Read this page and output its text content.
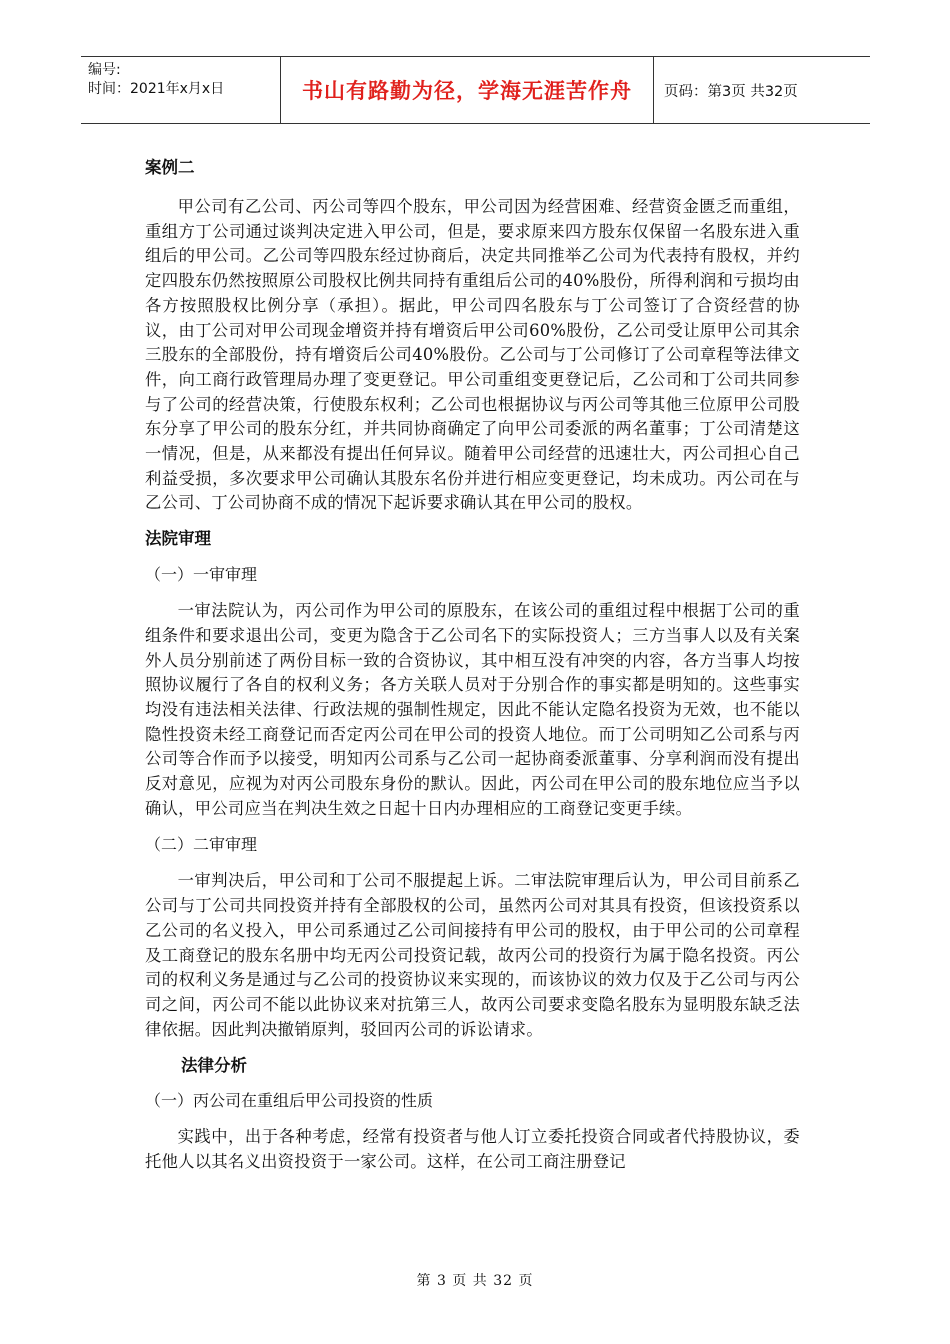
编号:
时间：2021年x月x日	书山有路勤为径，学海无涯苦作舟 页码：第3页 共32页
案例二

甲公司有乙公司、丙公司等四个股东，甲公司因为经营困难、经营资金匮乏而重组，重组方丁公司通过谈判决定进入甲公司，但是，要求原来四方股东仅保留一名股东进入重组后的甲公司。乙公司等四股东经过协商后，决定共同推举乙公司为代表持有股权，并约定四股东仍然按照原公司股权比例共同持有重组后公司的40%股份，所得利润和亏损均由各方按照股权比例分享（承担）。据此，甲公司四名股东与丁公司签订了合资经营的协议，由丁公司对甲公司现金增资并持有增资后甲公司60%股份，乙公司受让原甲公司其余三股东的全部股份，持有增资后公司40%股份。乙公司与丁公司修订了公司章程等法律文件，向工商行政管理局办理了变更登记。甲公司重组变更登记后，乙公司和丁公司共同参与了公司的经营决策，行使股东权利；乙公司也根据协议与丙公司等其他三位原甲公司股东分享了甲公司的股东分红，并共同协商确定了向甲公司委派的两名董事；丁公司清楚这一情况，但是，从来都没有提出任何异议。随着甲公司经营的迅速壮大，丙公司担心自己利益受损，多次要求甲公司确认其股东名份并进行相应变更登记，均未成功。丙公司在与乙公司、丁公司协商不成的情况下起诉要求确认其在甲公司的股权。

法院审理

（一）一审审理

一审法院认为，丙公司作为甲公司的原股东，在该公司的重组过程中根据丁公司的重组条件和要求退出公司，变更为隐含于乙公司名下的实际投资人；三方当事人以及有关案外人员分别前述了两份目标一致的合资协议，其中相互没有冲突的内容，各方当事人均按照协议履行了各自的权利义务；各方关联人员对于分别合作的事实都是明知的。这些事实均没有违法相关法律、行政法规的强制性规定，因此不能认定隐名投资为无效，也不能以隐性投资未经工商登记而否定丙公司在甲公司的投资人地位。而丁公司明知乙公司系与丙公司等合作而予以接受，明知丙公司系与乙公司一起协商委派董事、分享利润而没有提出反对意见，应视为对丙公司股东身份的默认。因此，丙公司在甲公司的股东地位应当予以确认，甲公司应当在判决生效之日起十日内办理相应的工商登记变更手续。

（二）二审审理

一审判决后，甲公司和丁公司不服提起上诉。二审法院审理后认为，甲公司目前系乙公司与丁公司共同投资并持有全部股权的公司，虽然丙公司对其具有投资，但该投资系以乙公司的名义投入，甲公司系通过乙公司间接持有甲公司的股权，由于甲公司的公司章程及工商登记的股东名册中均无丙公司投资记载，故丙公司的投资行为属于隐名投资。丙公司的权利义务是通过与乙公司的投资协议来实现的，而该协议的效力仅及于乙公司与丙公司之间，丙公司不能以此协议来对抗第三人，故丙公司要求变隐名股东为显明股东缺乏法律依据。因此判决撤销原判，驳回丙公司的诉讼请求。

法律分析

（一）丙公司在重组后甲公司投资的性质

实践中，出于各种考虑，经常有投资者与他人订立委托投资合同或者代持股协议，委托他人以其名义出资投资于一家公司。这样，在公司工商注册登记

第 3 页 共 32 页
